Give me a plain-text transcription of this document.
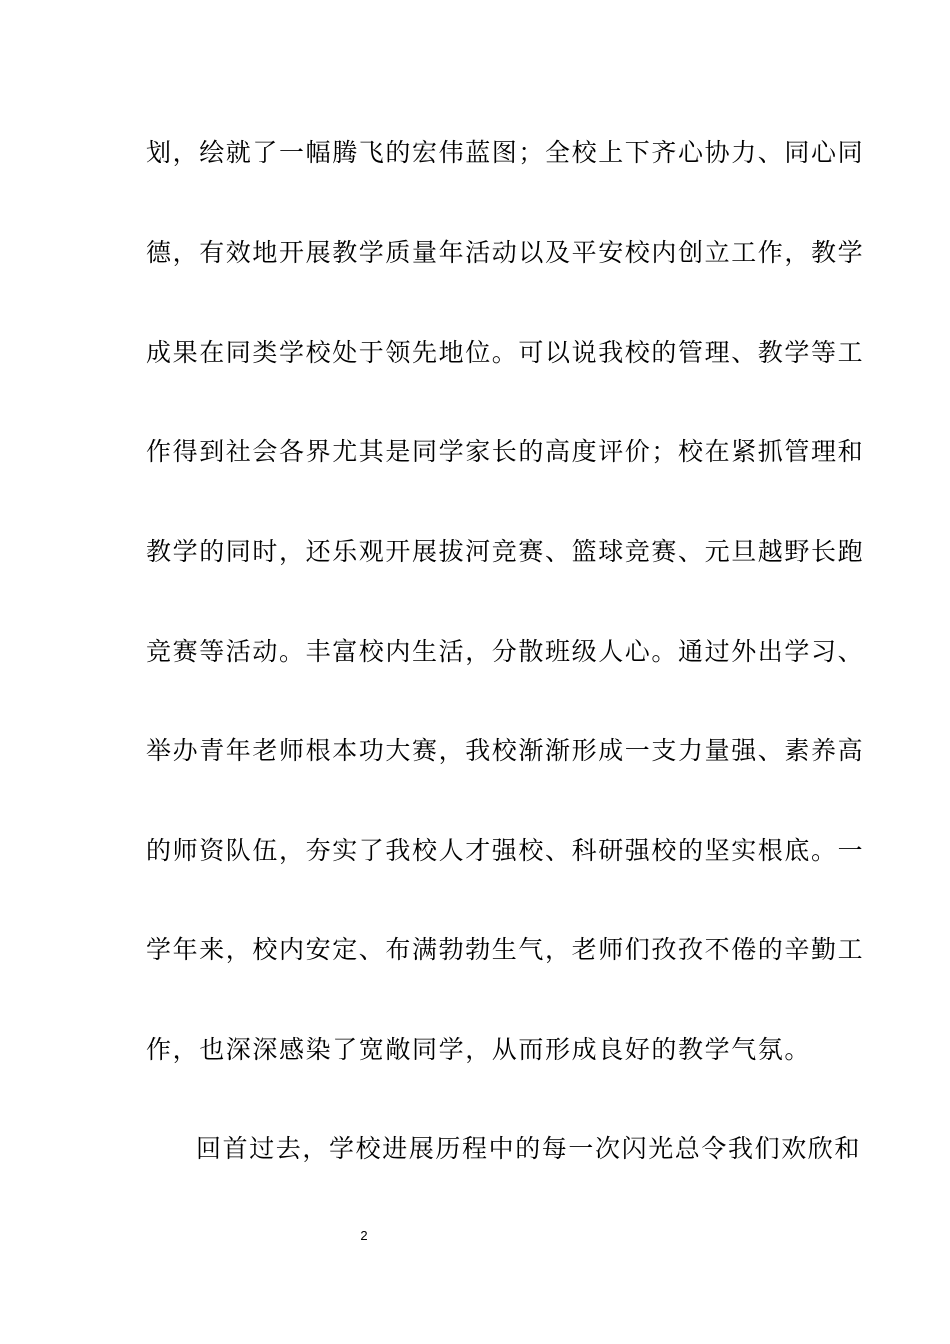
划，绘就了一幅腾飞的宏伟蓝图；全校上下齐心协力、同心同
德，有效地开展教学质量年活动以及平安校内创立工作，教学
成果在同类学校处于领先地位。可以说我校的管理、教学等工
作得到社会各界尤其是同学家长的高度评价；校在紧抓管理和
教学的同时，还乐观开展拔河竞赛、篮球竞赛、元旦越野长跑
竞赛等活动。丰富校内生活，分散班级人心。通过外出学习、
举办青年老师根本功大赛，我校渐渐形成一支力量强、素养高
的师资队伍，夯实了我校人才强校、科研强校的坚实根底。一
学年来，校内安定、布满勃勃生气，老师们孜孜不倦的辛勤工
作，也深深感染了宽敞同学，从而形成良好的教学气氛。
回首过去，学校进展历程中的每一次闪光总令我们欢欣和
2
